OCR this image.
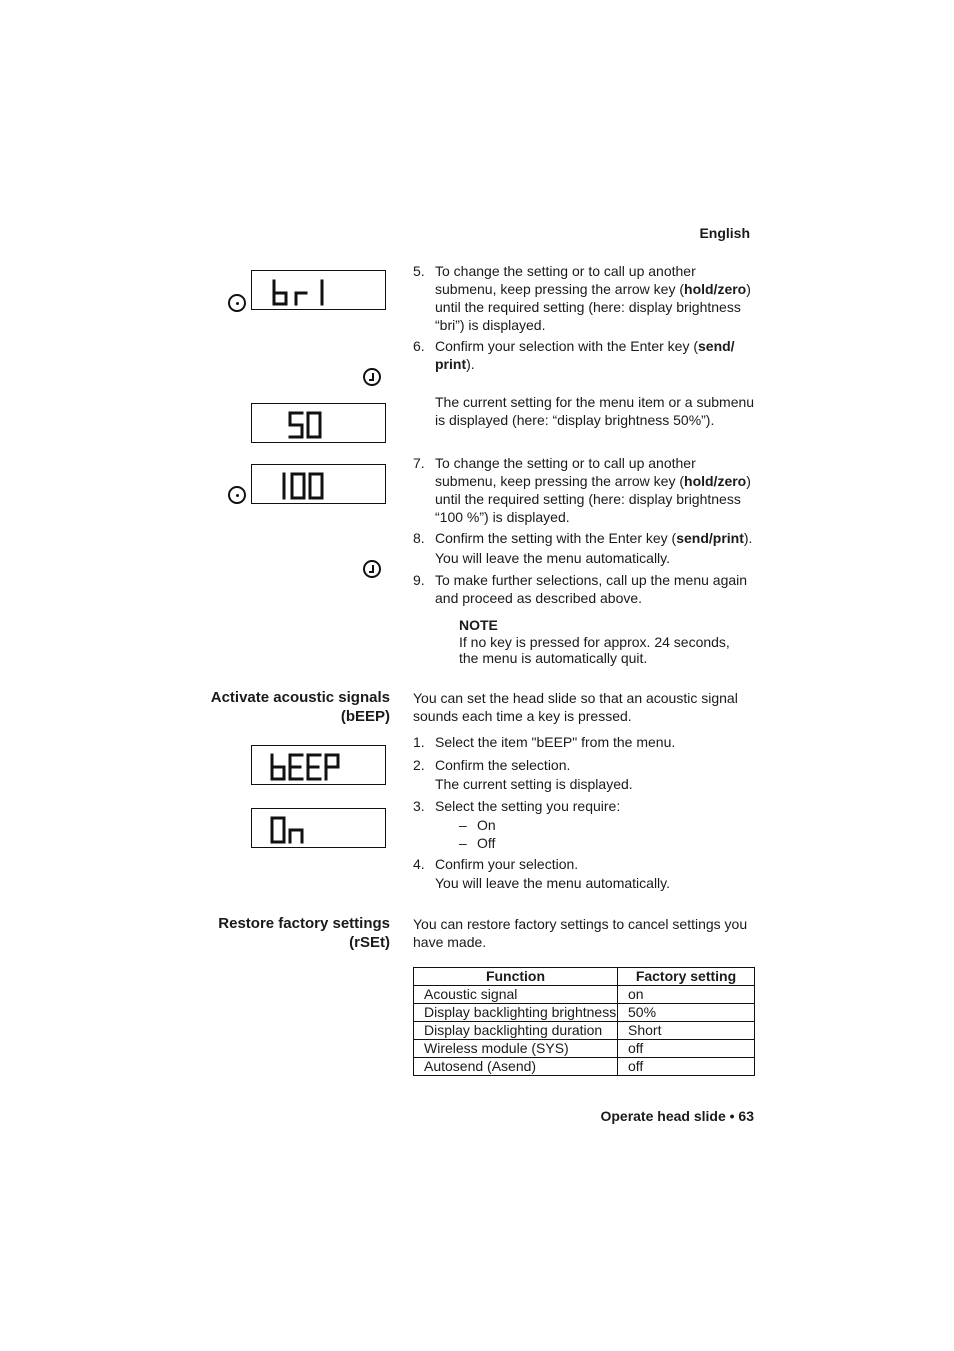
English
5. To change the setting or to call up another submenu, keep pressing the arrow key (hold/zero) until the required setting (here: display brightness “bri”) is displayed.
6. Confirm your selection with the Enter key (send/ print).
The current setting for the menu item or a submenu is displayed (here: “display brightness 50%”).
7. To change the setting or to call up another submenu, keep pressing the arrow key (hold/zero) until the required setting (here: display brightness “100 %”) is displayed.
8. Confirm the setting with the Enter key (send/print).
You will leave the menu automatically.
9. To make further selections, call up the menu again and proceed as described above.
NOTE
If no key is pressed for approx. 24 seconds, the menu is automatically quit.
Activate acoustic signals (bEEP)
You can set the head slide so that an acoustic signal sounds each time a key is pressed.
1. Select the item "bEEP" from the menu.
2. Confirm the selection.
The current setting is displayed.
3. Select the setting you require:
– On
– Off
4. Confirm your selection.
You will leave the menu automatically.
Restore factory settings (rSEt)
You can restore factory settings to cancel settings you have made.
Function	Factory setting
Acoustic signal	on
Display backlighting brightness	50%
Display backlighting duration	Short
Wireless module (SYS)	off
Autosend (Asend)	off
Operate head slide • 63
